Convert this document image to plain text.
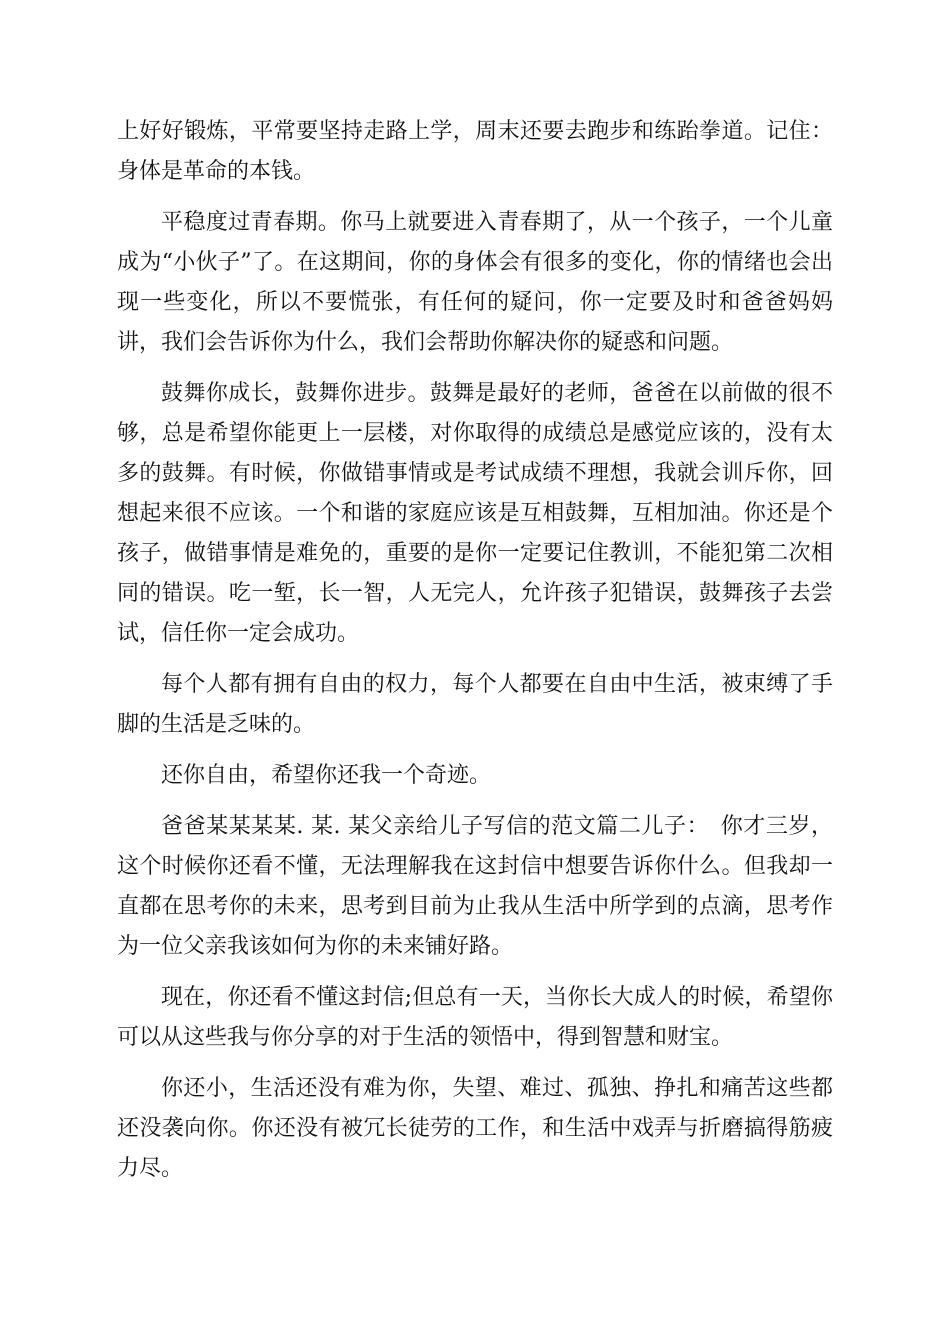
上好好锻炼，平常要坚持走路上学，周末还要去跑步和练跆拳道。记住：身体是革命的本钱。

平稳度过青春期。你马上就要进入青春期了，从一个孩子，一个儿童成为“小伙子”了。在这期间，你的身体会有很多的变化，你的情绪也会出现一些变化，所以不要慌张，有任何的疑问，你一定要及时和爸爸妈妈讲，我们会告诉你为什么，我们会帮助你解决你的疑惑和问题。

鼓舞你成长，鼓舞你进步。鼓舞是最好的老师，爸爸在以前做的很不够，总是希望你能更上一层楼，对你取得的成绩总是感觉应该的，没有太多的鼓舞。有时候，你做错事情或是考试成绩不理想，我就会训斥你，回想起来很不应该。一个和谐的家庭应该是互相鼓舞，互相加油。你还是个孩子，做错事情是难免的，重要的是你一定要记住教训，不能犯第二次相同的错误。吃一堑，长一智，人无完人，允许孩子犯错误，鼓舞孩子去尝试，信任你一定会成功。

每个人都有拥有自由的权力，每个人都要在自由中生活，被束缚了手脚的生活是乏味的。

还你自由，希望你还我一个奇迹。

爸爸某某某某. 某. 某父亲给儿子写信的范文篇二儿子：　你才三岁，这个时候你还看不懂，无法理解我在这封信中想要告诉你什么。但我却一直都在思考你的未来，思考到目前为止我从生活中所学到的点滴，思考作为一位父亲我该如何为你的未来铺好路。

现在，你还看不懂这封信;但总有一天，当你长大成人的时候，希望你可以从这些我与你分享的对于生活的领悟中，得到智慧和财宝。

你还小，生活还没有难为你，失望、难过、孤独、挣扎和痛苦这些都还没袭向你。你还没有被冗长徒劳的工作，和生活中戏弄与折磨搞得筋疲力尽。
